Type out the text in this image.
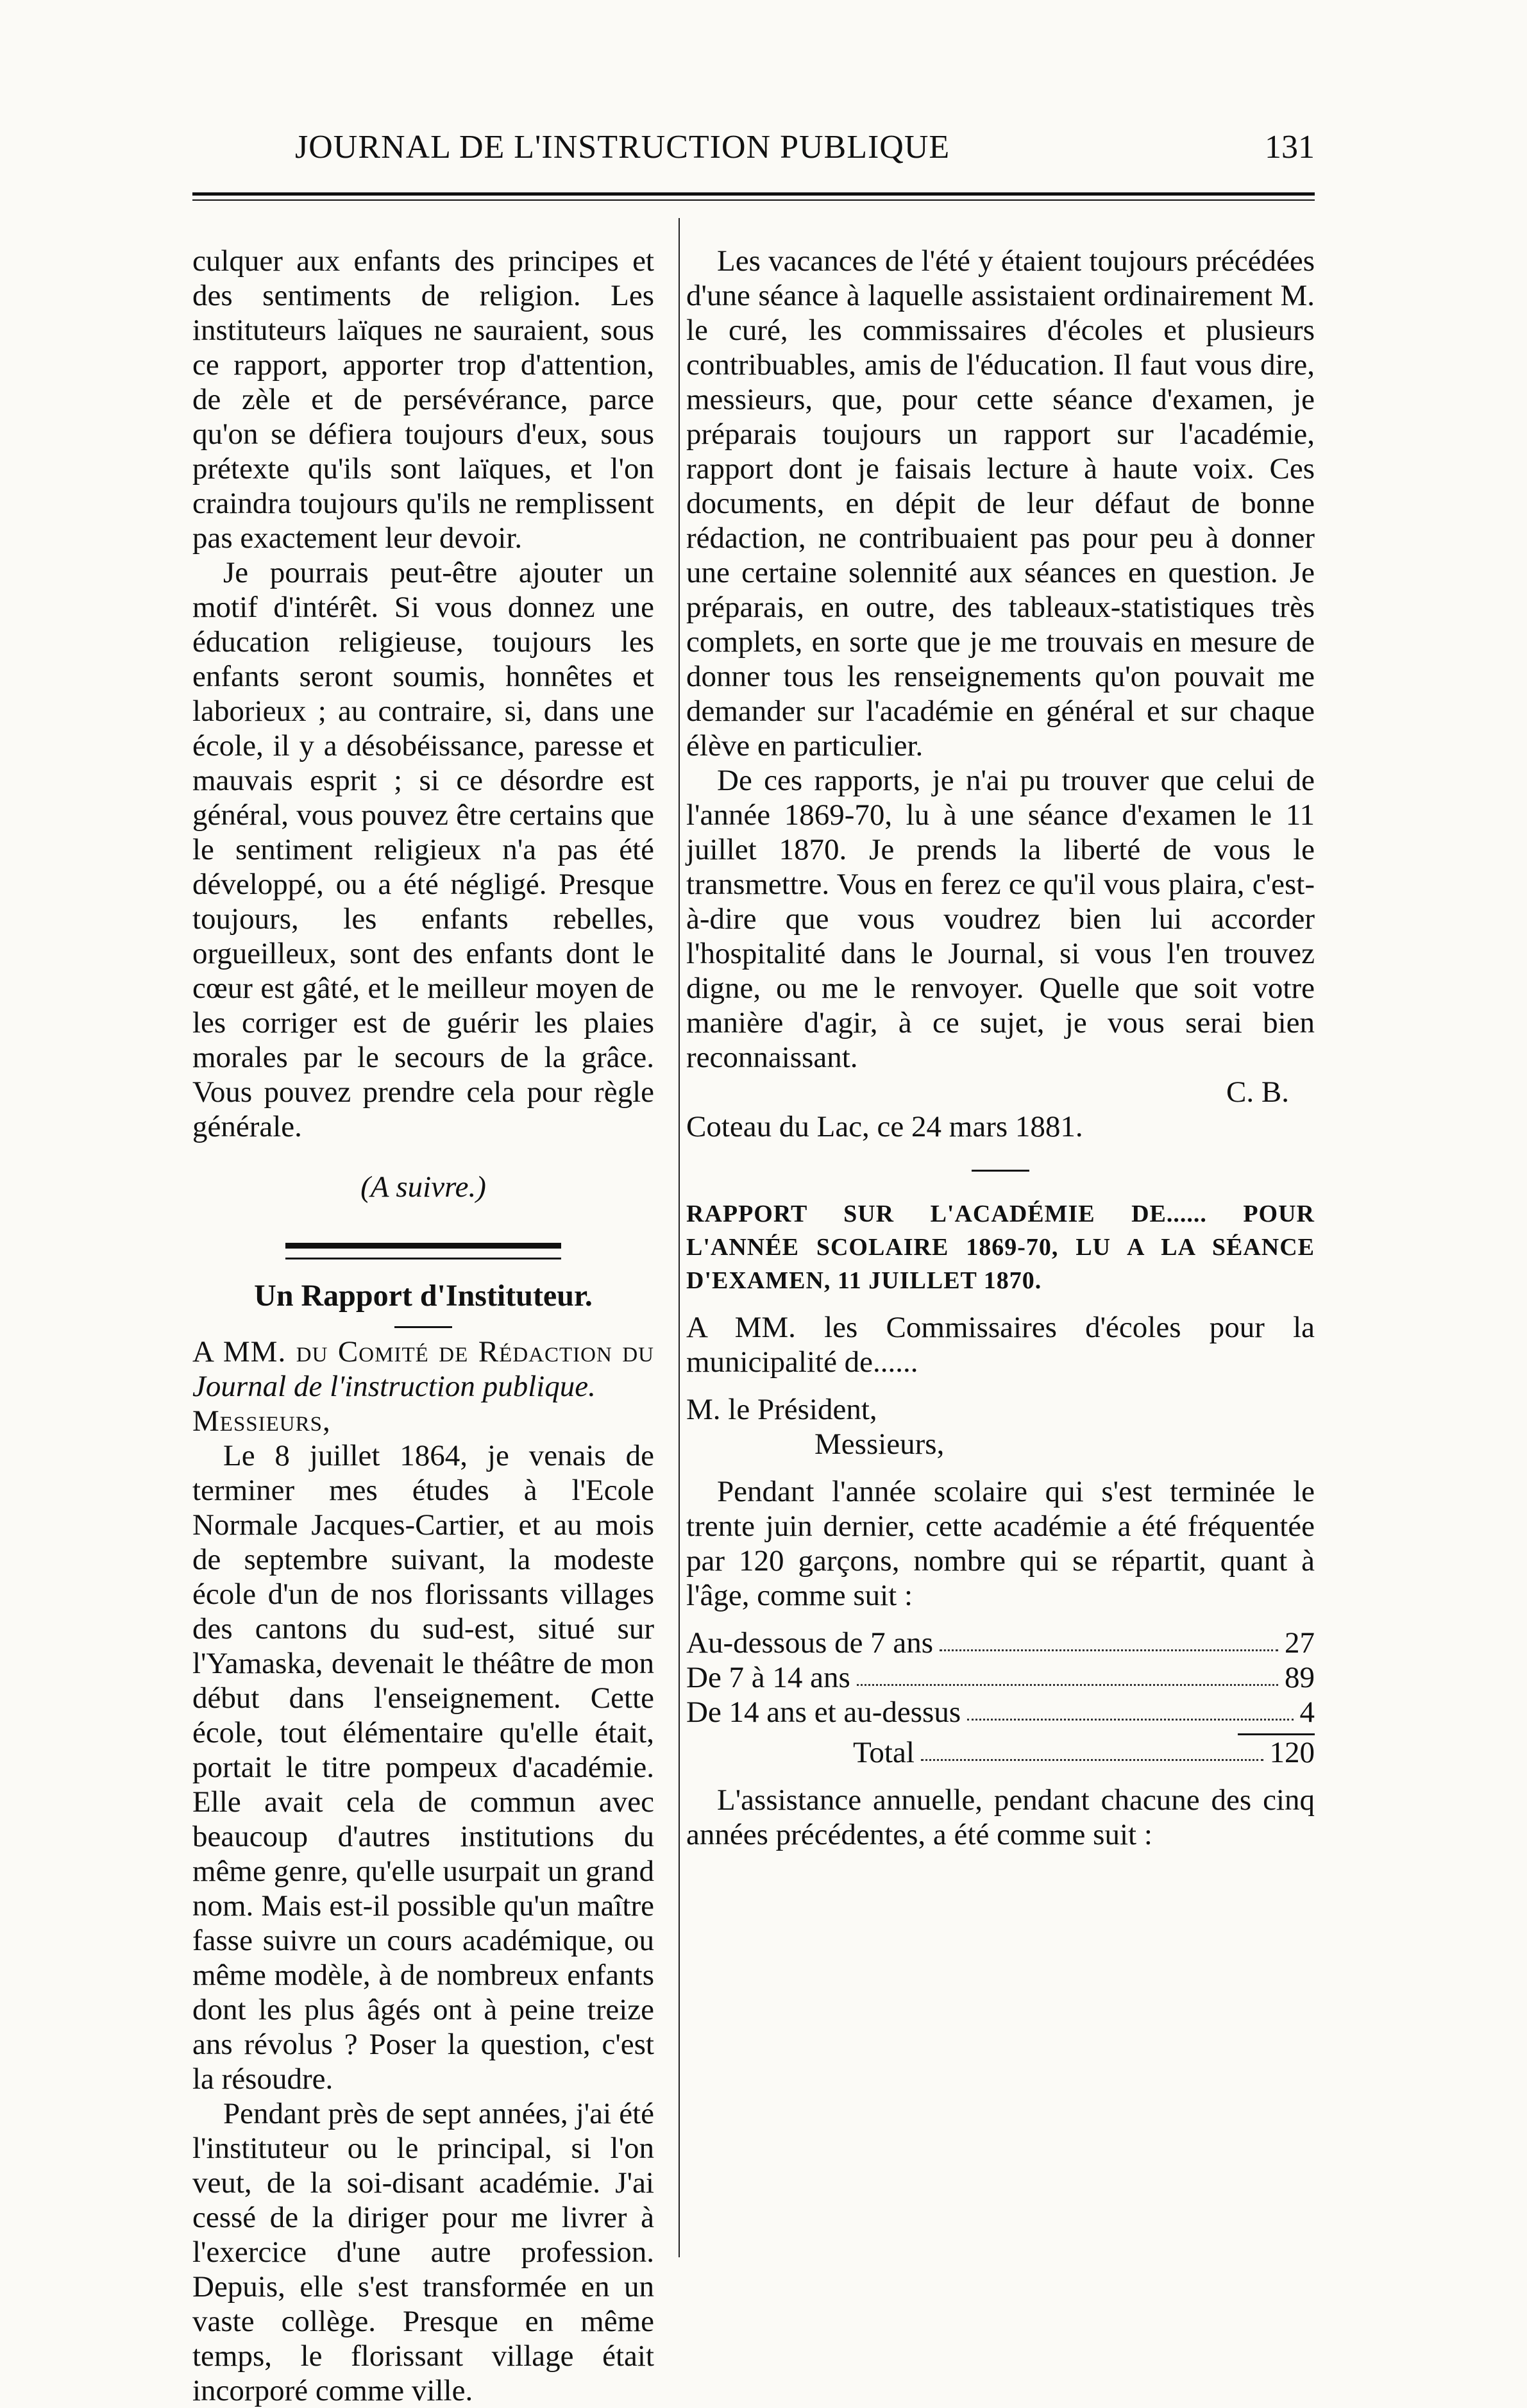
JOURNAL DE L'INSTRUCTION PUBLIQUE	131

culquer aux enfants des principes et des sentiments de religion. Les instituteurs laïques ne sauraient, sous ce rapport, apporter trop d'attention, de zèle et de persévérance, parce qu'on se défiera toujours d'eux, sous prétexte qu'ils sont laïques, et l'on craindra toujours qu'ils ne remplissent pas exactement leur devoir.

Je pourrais peut-être ajouter un motif d'intérêt. Si vous donnez une éducation religieuse, toujours les enfants seront soumis, honnêtes et laborieux ; au contraire, si, dans une école, il y a désobéissance, paresse et mauvais esprit ; si ce désordre est général, vous pouvez être certains que le sentiment religieux n'a pas été développé, ou a été négligé. Presque toujours, les enfants rebelles, orgueilleux, sont des enfants dont le cœur est gâté, et le meilleur moyen de les corriger est de guérir les plaies morales par le secours de la grâce. Vous pouvez prendre cela pour règle générale.

(A suivre.)

Un Rapport d'Instituteur.

A MM. du Comité de Rédaction du Journal de l'instruction publique.

Messieurs,

Le 8 juillet 1864, je venais de terminer mes études à l'Ecole Normale Jacques-Cartier, et au mois de septembre suivant, la modeste école d'un de nos florissants villages des cantons du sud-est, situé sur l'Yamaska, devenait le théâtre de mon début dans l'enseignement. Cette école, tout élémentaire qu'elle était, portait le titre pompeux d'académie. Elle avait cela de commun avec beaucoup d'autres institutions du même genre, qu'elle usurpait un grand nom. Mais est-il possible qu'un maître fasse suivre un cours académique, ou même modèle, à de nombreux enfants dont les plus âgés ont à peine treize ans révolus ? Poser la question, c'est la résoudre.

Pendant près de sept années, j'ai été l'instituteur ou le principal, si l'on veut, de la soi-disant académie. J'ai cessé de la diriger pour me livrer à l'exercice d'une autre profession. Depuis, elle s'est transformée en un vaste collège. Presque en même temps, le florissant village était incorporé comme ville.

Les vacances de l'été y étaient toujours précédées d'une séance à laquelle assistaient ordinairement M. le curé, les commissaires d'écoles et plusieurs contribuables, amis de l'éducation. Il faut vous dire, messieurs, que, pour cette séance d'examen, je préparais toujours un rapport sur l'académie, rapport dont je faisais lecture à haute voix. Ces documents, en dépit de leur défaut de bonne rédaction, ne contribuaient pas pour peu à donner une certaine solennité aux séances en question. Je préparais, en outre, des tableaux-statistiques très complets, en sorte que je me trouvais en mesure de donner tous les renseignements qu'on pouvait me demander sur l'académie en général et sur chaque élève en particulier.

De ces rapports, je n'ai pu trouver que celui de l'année 1869-70, lu à une séance d'examen le 11 juillet 1870. Je prends la liberté de vous le transmettre. Vous en ferez ce qu'il vous plaira, c'est-à-dire que vous voudrez bien lui accorder l'hospitalité dans le Journal, si vous l'en trouvez digne, ou me le renvoyer. Quelle que soit votre manière d'agir, à ce sujet, je vous serai bien reconnaissant.

C. B.

Coteau du Lac, ce 24 mars 1881.

RAPPORT SUR L'ACADÉMIE DE...... POUR L'ANNÉE SCOLAIRE 1869-70, LU A LA SÉANCE D'EXAMEN, 11 JUILLET 1870.

A MM. les Commissaires d'écoles pour la municipalité de......

M. le Président,

Messieurs,

Pendant l'année scolaire qui s'est terminée le trente juin dernier, cette académie a été fréquentée par 120 garçons, nombre qui se répartit, quant à l'âge, comme suit :

Au-dessous de 7 ans	27
De 7 à 14 ans	89
De 14 ans et au-dessus	4
Total	120

L'assistance annuelle, pendant chacune des cinq années précédentes, a été comme suit :
